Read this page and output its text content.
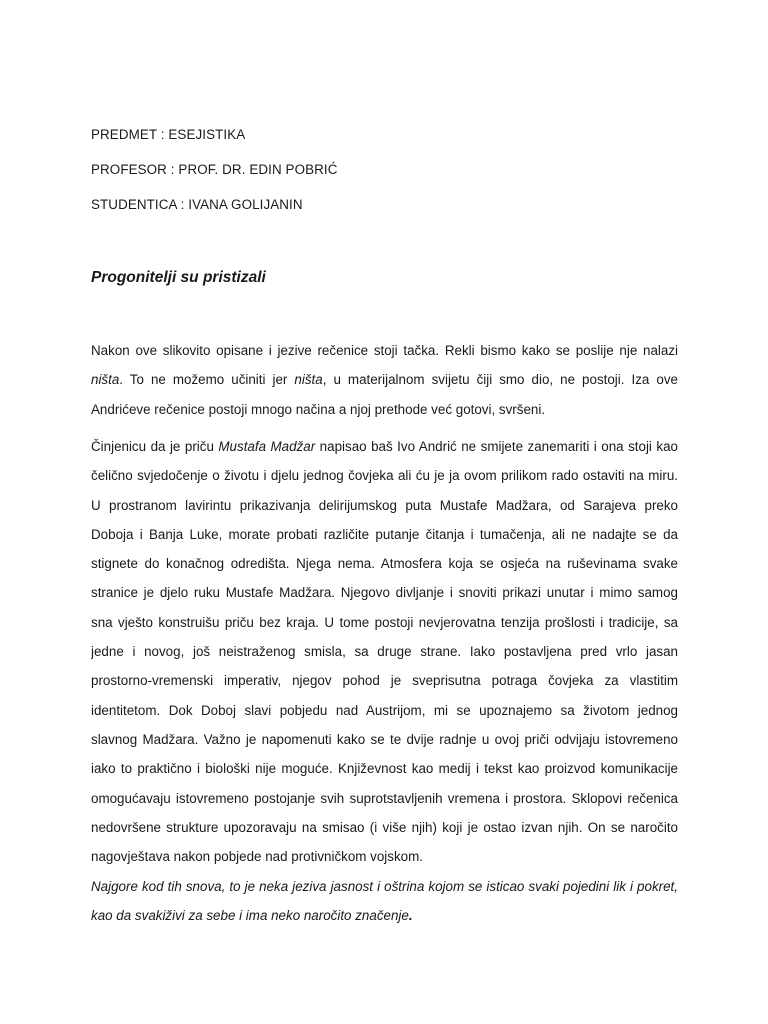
PREDMET : ESEJISTIKA
PROFESOR : PROF. DR. EDIN POBRIĆ
STUDENTICA : IVANA GOLIJANIN
Progonitelji su pristizali
Nakon ove slikovito opisane i jezive rečenice stoji tačka. Rekli bismo kako se poslije nje nalazi
ništa. To ne možemo učiniti jer ništa, u materijalnom svijetu čiji smo dio, ne postoji. Iza ove
Andrićeve rečenice postoji mnogo načina a njoj prethode već gotovi, svršeni.
Činjenicu da je priču Mustafa Madžar napisao baš Ivo Andrić ne smijete zanemariti i ona stoji kao
čelično svjedočenje o životu i djelu jednog čovjeka ali ću je ja ovom prilikom rado ostaviti na miru.
U prostranom lavirintu prikazivanja delirijumskog puta Mustafe Madžara, od Sarajeva preko
Doboja i Banja Luke, morate probati različite putanje čitanja i tumačenja, ali ne nadajte se da
stignete do konačnog odredišta. Njega nema. Atmosfera koja se osjeća na ruševinama svake
stranice je djelo ruku Mustafe Madžara. Njegovo divljanje i snoviti prikazi unutar i mimo samog
sna vješto konstruišu priču bez kraja. U tome postoji nevjerovatna tenzija prošlosti i tradicije, sa
jedne i novog, još neistraženog smisla, sa druge strane. Iako postavljena pred vrlo jasan
prostorno-vremenski imperativ, njegov pohod je sveprisutna potraga čovjeka za vlastitim
identitetom. Dok Doboj slavi pobjedu nad Austrijom, mi se upoznajemo sa životom jednog
slavnog Madžara. Važno je napomenuti kako se te dvije radnje u ovoj priči odvijaju istovremeno
iako to praktično i biološki nije moguće. Književnost kao medij i tekst kao proizvod komunikacije
omogućavaju istovremeno postojanje svih suprotstavljenih vremena i prostora. Sklopovi rečenica
nedovršene strukture upozoravaju na smisao (i više njih) koji je ostao izvan njih. On se naročito
nagovještava nakon pobjede nad protivničkom vojskom.
Najgore kod tih snova, to je neka jeziva jasnost i oštrina kojom se isticao svaki pojedini lik i pokret,
kao da svakiživi za sebe i ima neko naročito značenje.
